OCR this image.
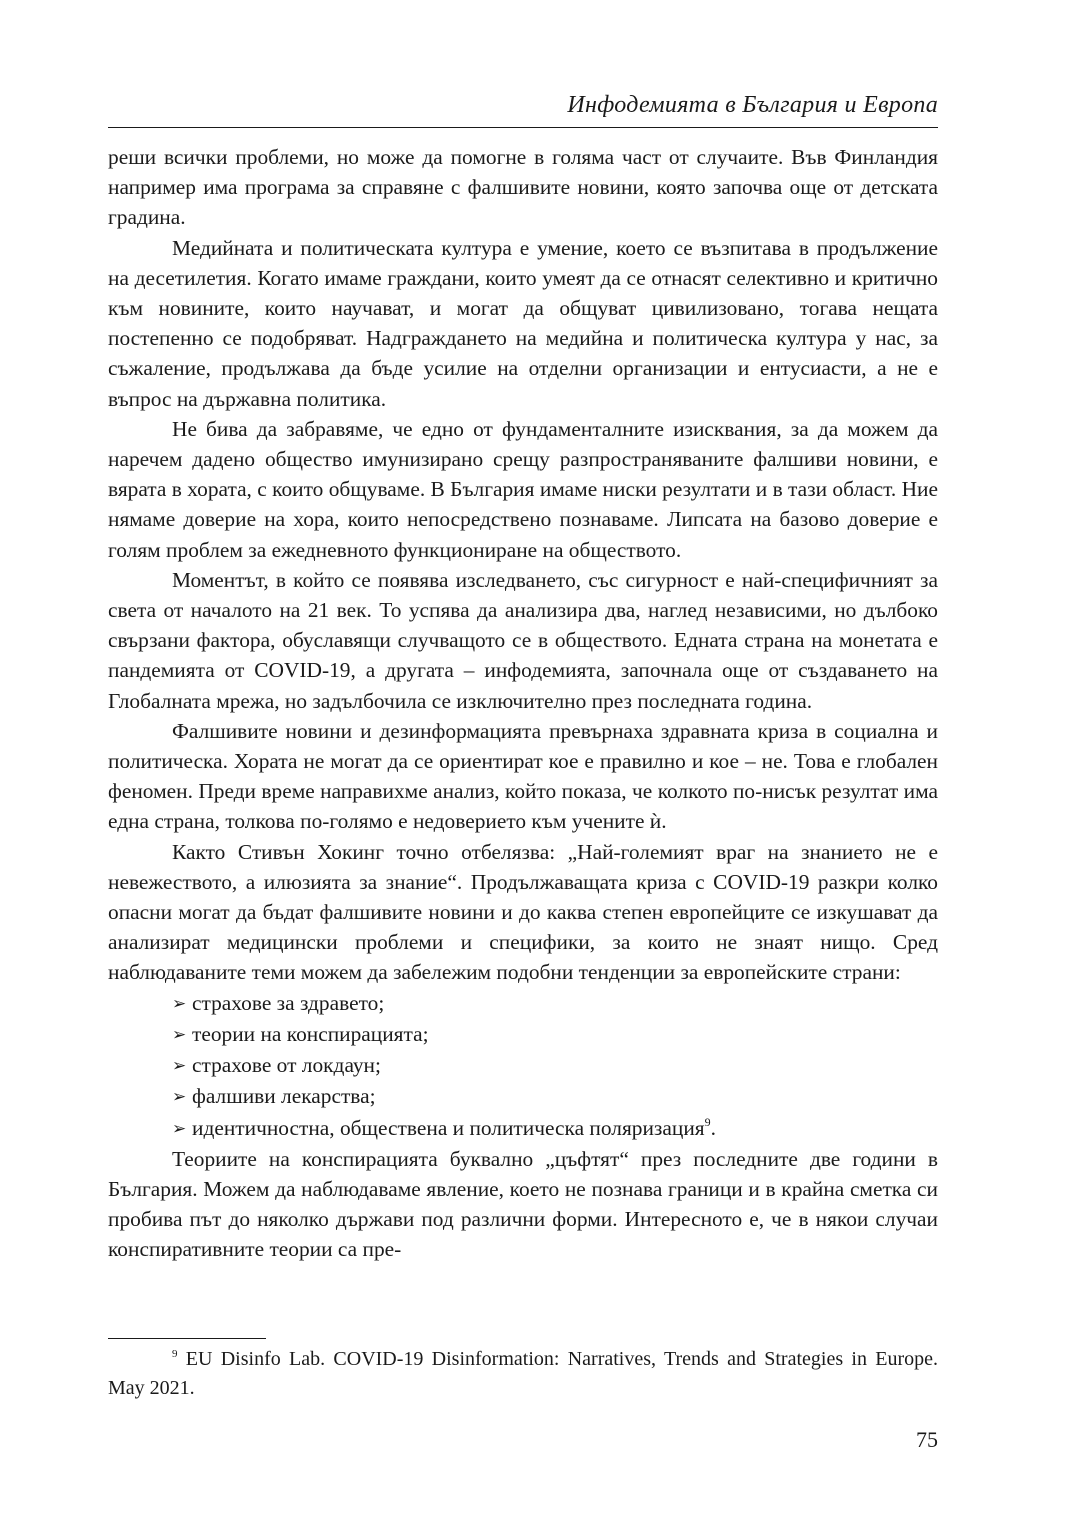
Инфодемията в България и Европа

реши всички проблеми, но може да помогне в голяма част от случаите. Във Финландия например има програма за справяне с фалшивите новини, която започва още от детската градина.

Медийната и политическата култура е умение, което се възпитава в продължение на десетилетия. Когато имаме граждани, които умеят да се отнасят селективно и критично към новините, които научават, и могат да общуват цивилизовано, тогава нещата постепенно се подобряват. Надграждането на медийна и политическа култура у нас, за съжаление, продължава да бъде усилие на отделни организации и ентусиасти, а не е въпрос на държавна политика.

Не бива да забравяме, че едно от фундаменталните изисквания, за да можем да наречем дадено общество имунизирано срещу разпространяваните фалшиви новини, е вярата в хората, с които общуваме. В България имаме ниски резултати и в тази област. Ние нямаме доверие на хора, които непосредствено познаваме. Липсата на базово доверие е голям проблем за ежедневното функциониране на обществото.

Моментът, в който се появява изследването, със сигурност е най-специфичният за света от началото на 21 век. То успява да анализира два, наглед независими, но дълбоко свързани фактора, обуславящи случващото се в обществото. Едната страна на монетата е пандемията от COVID-19, а другата – инфодемията, започнала още от създаването на Глобалната мрежа, но задълбочила се изключително през последната година.

Фалшивите новини и дезинформацията превърнаха здравната криза в социална и политическа. Хората не могат да се ориентират кое е правилно и кое – не. Това е глобален феномен. Преди време направихме анализ, който показа, че колкото по-нисък резултат има една страна, толкова по-голямо е недоверието към учените ѝ.

Както Стивън Хокинг точно отбелязва: „Най-големият враг на знанието не е невежеството, а илюзията за знание“. Продължаващата криза с COVID-19 разкри колко опасни могат да бъдат фалшивите новини и до каква степен европейците се изкушават да анализират медицински проблеми и специфики, за които не знаят нищо. Сред наблюдаваните теми можем да забележим подобни тенденции за европейските страни:

➢ страхове за здравето;
➢ теории на конспирацията;
➢ страхове от локдаун;
➢ фалшиви лекарства;
➢ идентичностна, обществена и политическа поляризация$^9$.

Теориите на конспирацията буквално „цъфтят“ през последните две години в България. Можем да наблюдаваме явление, което не познава граници и в крайна сметка си пробива път до няколко държави под различни форми. Интересното е, че в някои случаи конспиративните теории са пре-

$^9$ EU Disinfo Lab. COVID-19 Disinformation: Narratives, Trends and Strategies in Europe. May 2021.
75
